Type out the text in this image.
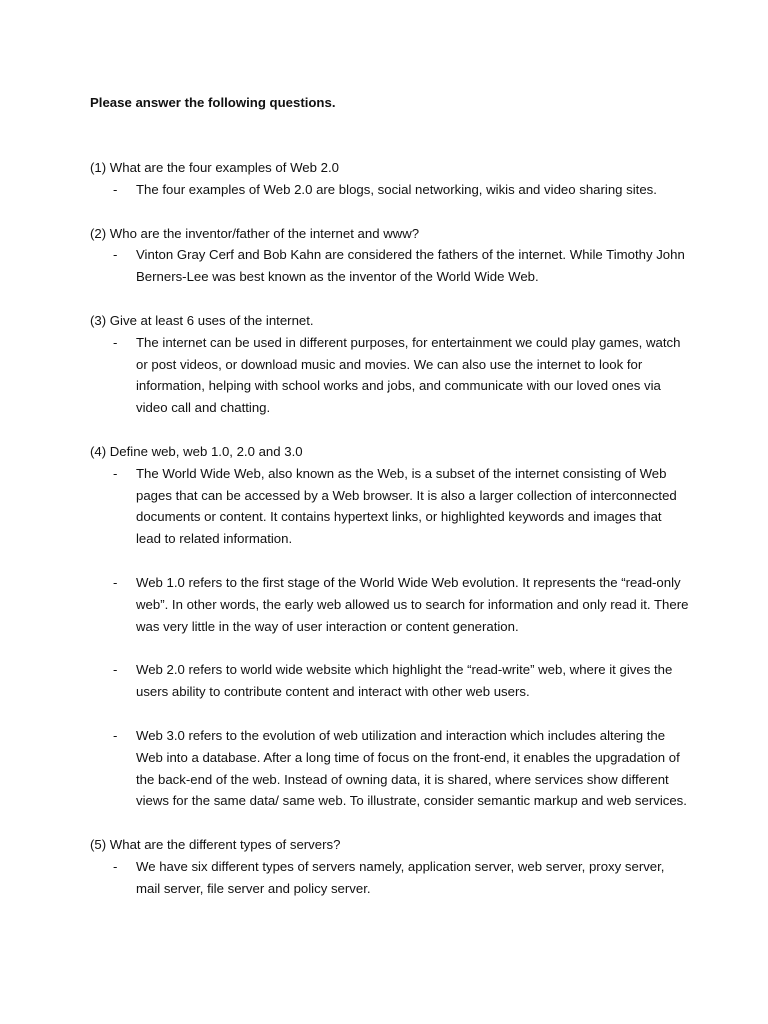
Please answer the following questions.

(1) What are the four examples of Web 2.0

- The four examples of Web 2.0 are blogs, social networking, wikis and video sharing sites.

(2) Who are the inventor/father of the internet and www?

- Vinton Gray Cerf and Bob Kahn are considered the fathers of the internet. While Timothy John Berners-Lee was best known as the inventor of the World Wide Web.

(3) Give at least 6 uses of the internet.

- The internet can be used in different purposes, for entertainment we could play games, watch or post videos, or download music and movies. We can also use the internet to look for information, helping with school works and jobs, and communicate with our loved ones via video call and chatting.

(4) Define web, web 1.0, 2.0 and 3.0

- The World Wide Web, also known as the Web, is a subset of the internet consisting of Web pages that can be accessed by a Web browser. It is also a larger collection of interconnected documents or content. It contains hypertext links, or highlighted keywords and images that lead to related information.
- Web 1.0 refers to the first stage of the World Wide Web evolution. It represents the “read-only web”. In other words, the early web allowed us to search for information and only read it. There was very little in the way of user interaction or content generation.
- Web 2.0 refers to world wide website which highlight the “read-write” web, where it gives the users ability to contribute content and interact with other web users.
- Web 3.0 refers to the evolution of web utilization and interaction which includes altering the Web into a database. After a long time of focus on the front-end, it enables the upgradation of the back-end of the web. Instead of owning data, it is shared, where services show different views for the same data/ same web. To illustrate, consider semantic markup and web services.

(5) What are the different types of servers?

- We have six different types of servers namely, application server, web server, proxy server, mail server, file server and policy server.
